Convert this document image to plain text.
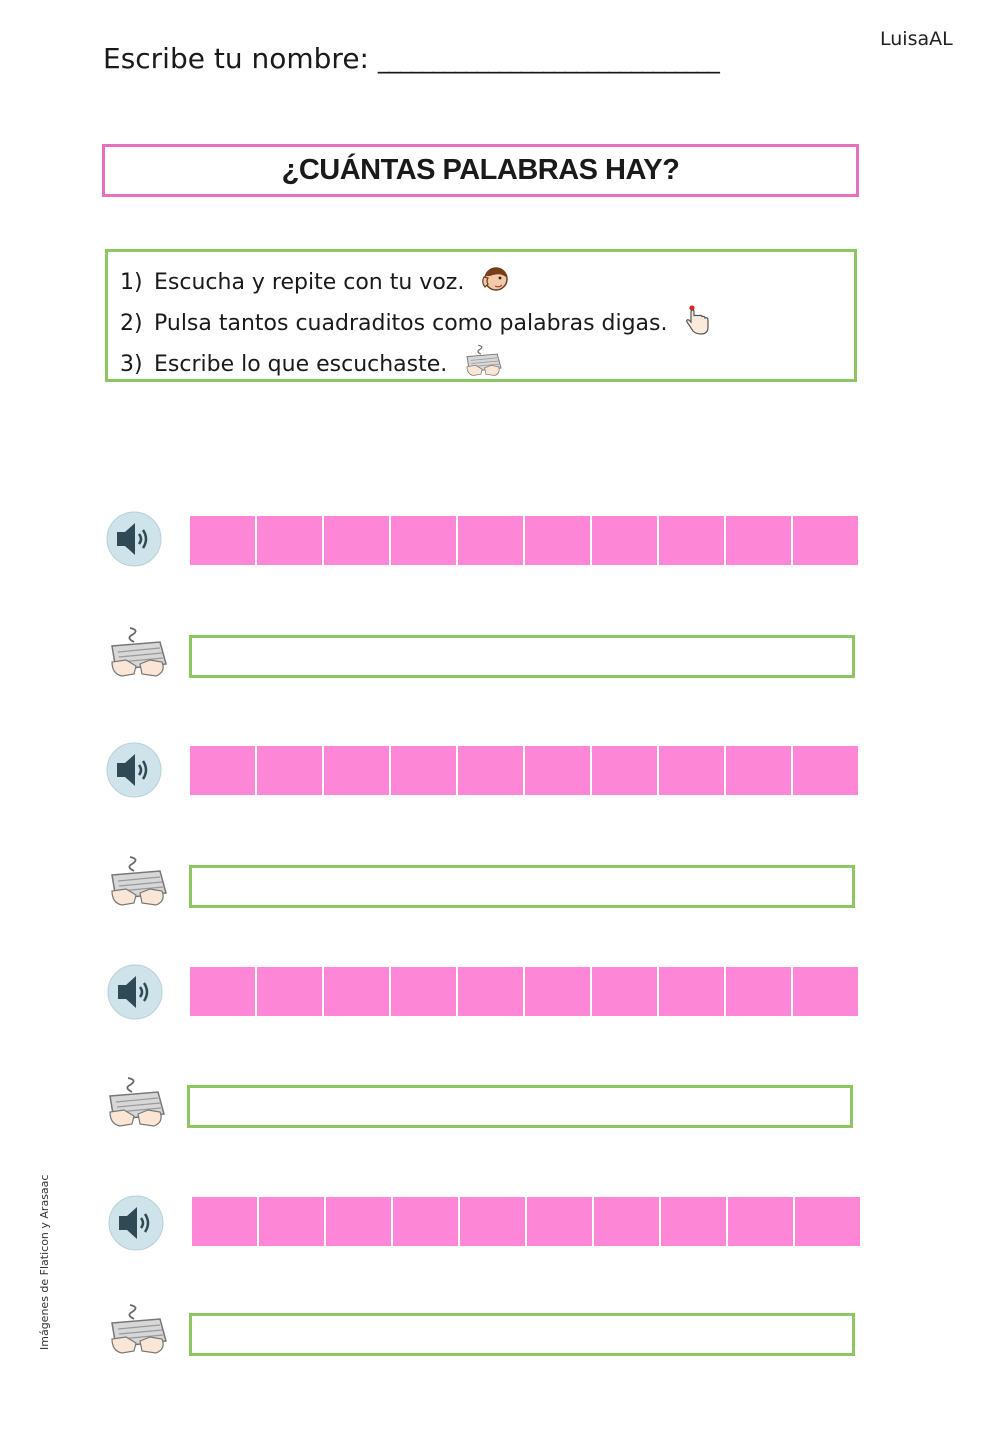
LuisaAL
Escribe tu nombre: _______________________________
¿CUÁNTAS PALABRAS HAY?
1) Escucha y repite con tu voz.
2) Pulsa tantos cuadraditos como palabras digas.
3) Escribe lo que escuchaste.
Imágenes de Flaticon y Arasaac
